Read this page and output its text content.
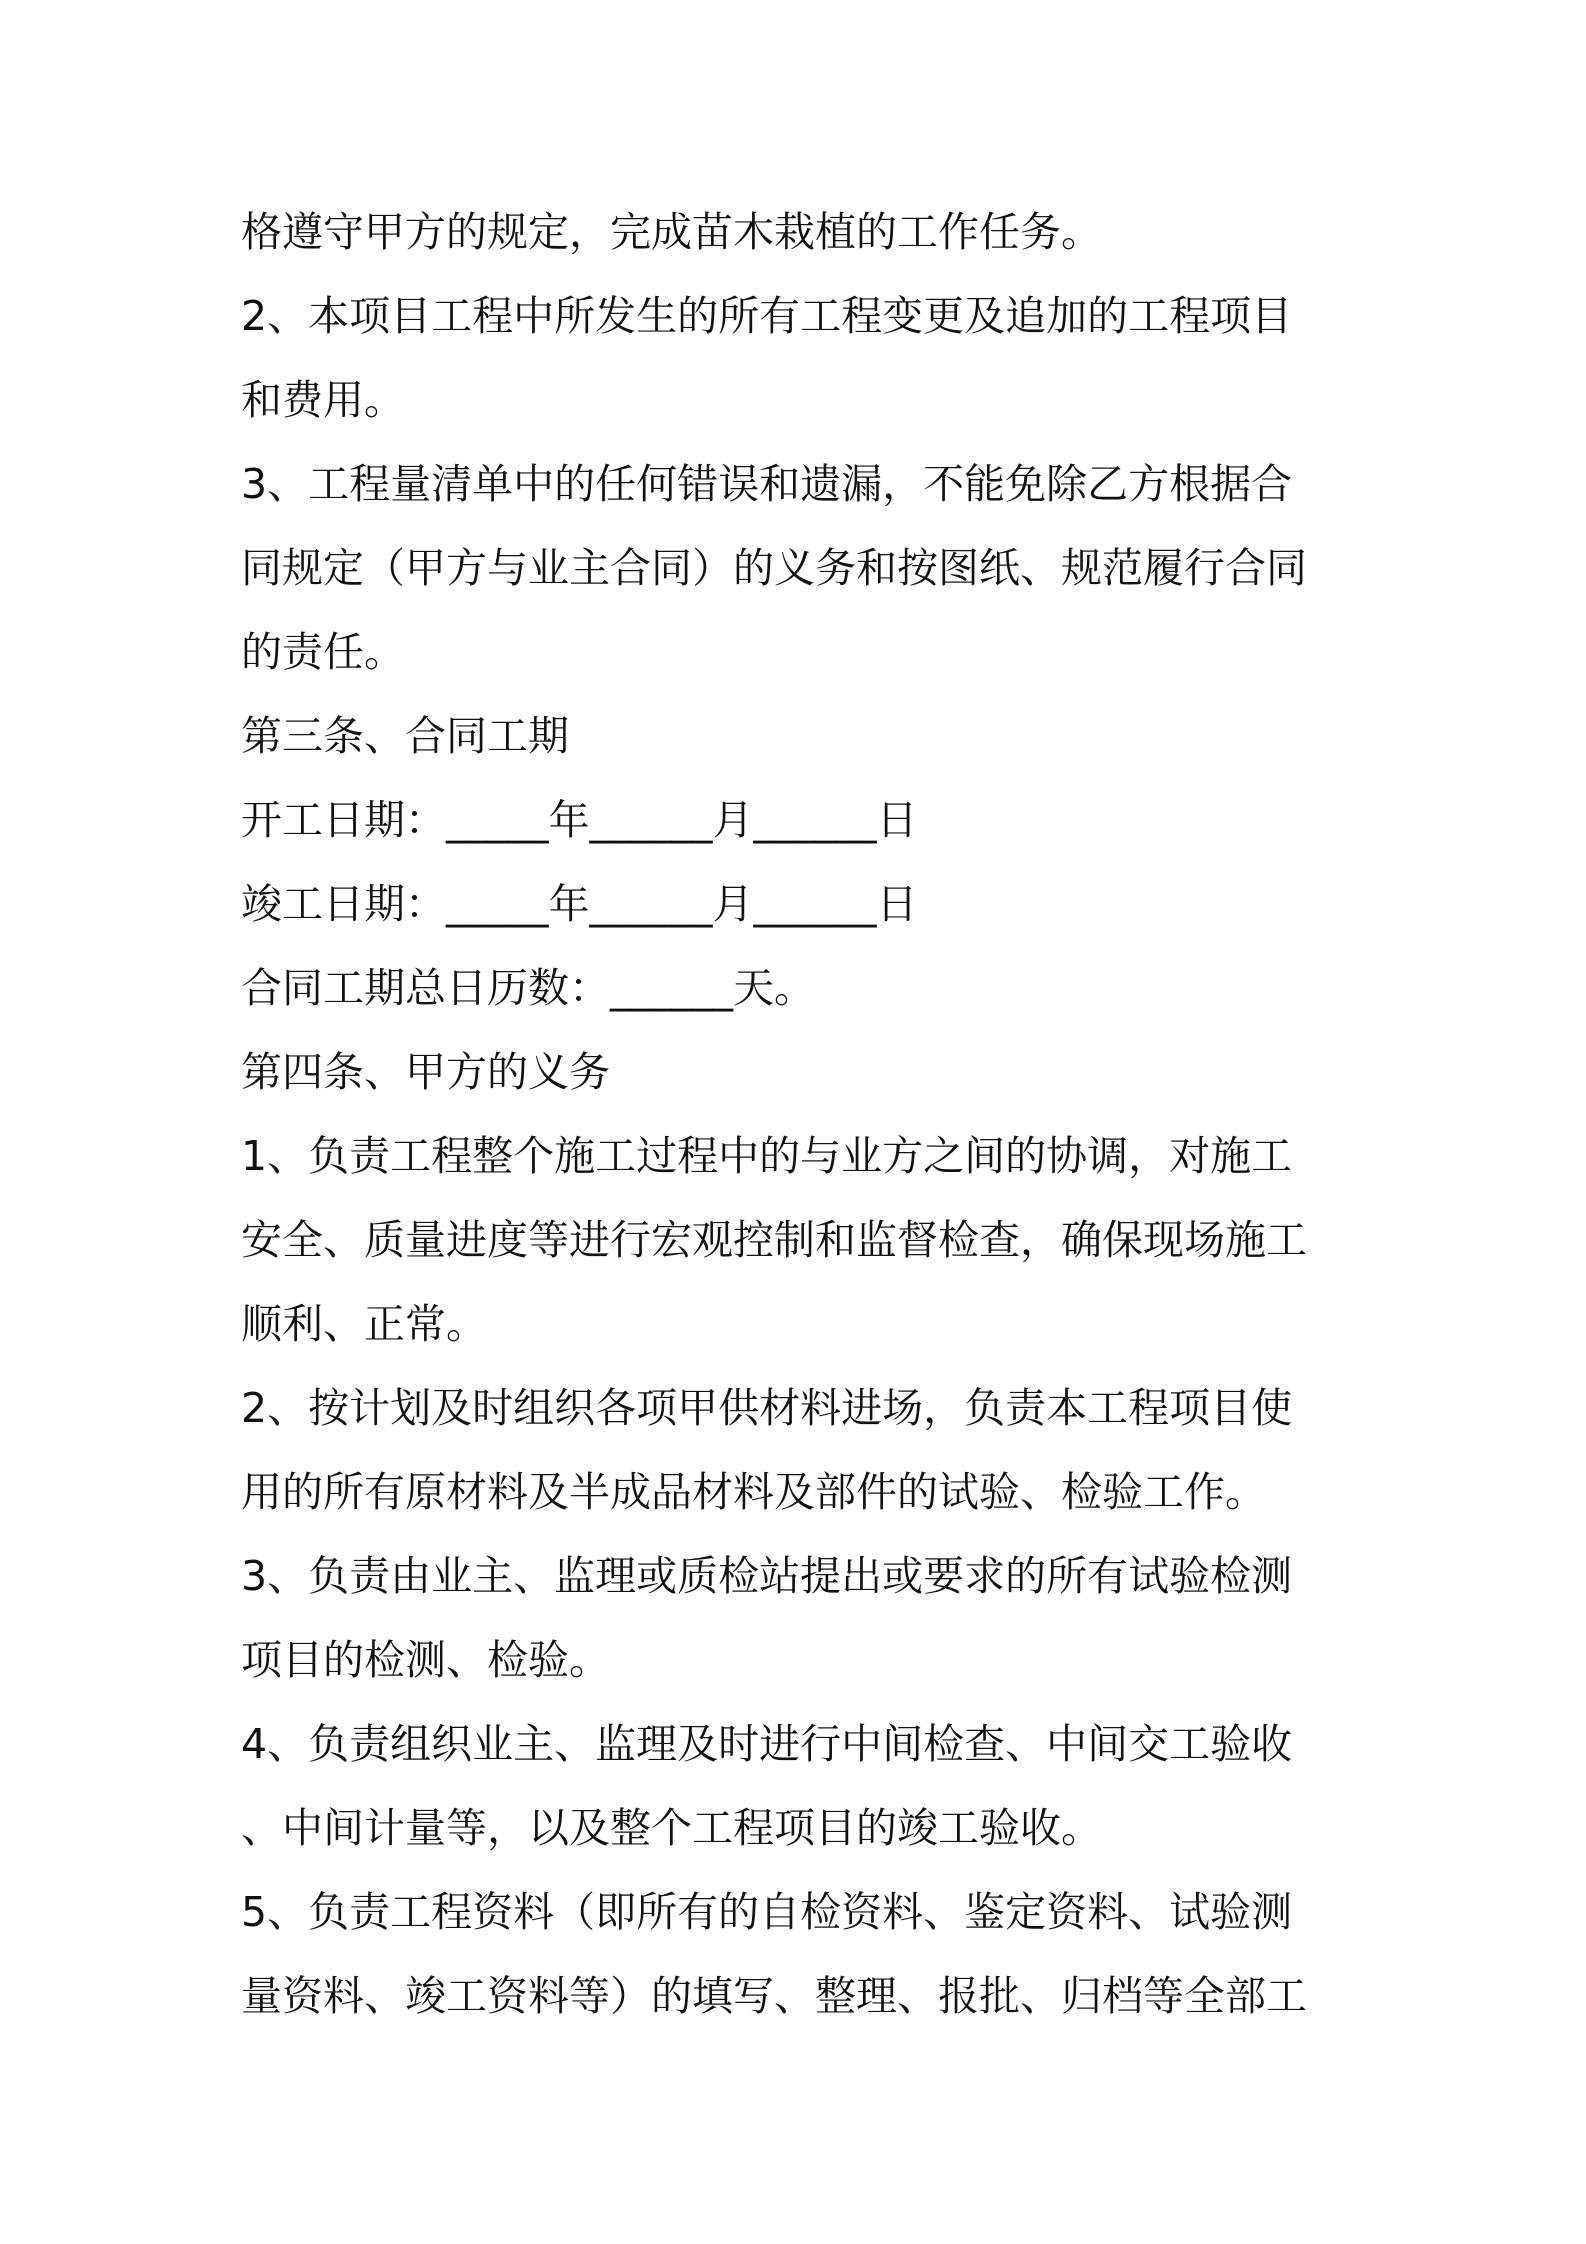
格遵守甲方的规定，完成苗木栽植的工作任务。
2、本项目工程中所发生的所有工程变更及追加的工程项目
和费用。
3、工程量清单中的任何错误和遗漏，不能免除乙方根据合
同规定（甲方与业主合同）的义务和按图纸、规范履行合同
的责任。
第三条、合同工期
开工日期：_____年______月______日
竣工日期：_____年______月______日
合同工期总日历数：______天。
第四条、甲方的义务
1、负责工程整个施工过程中的与业方之间的协调，对施工
安全、质量进度等进行宏观控制和监督检查，确保现场施工
顺利、正常。
2、按计划及时组织各项甲供材料进场，负责本工程项目使
用的所有原材料及半成品材料及部件的试验、检验工作。
3、负责由业主、监理或质检站提出或要求的所有试验检测
项目的检测、检验。
4、负责组织业主、监理及时进行中间检查、中间交工验收
、中间计量等，以及整个工程项目的竣工验收。
5、负责工程资料（即所有的自检资料、鉴定资料、试验测
量资料、竣工资料等）的填写、整理、报批、归档等全部工
